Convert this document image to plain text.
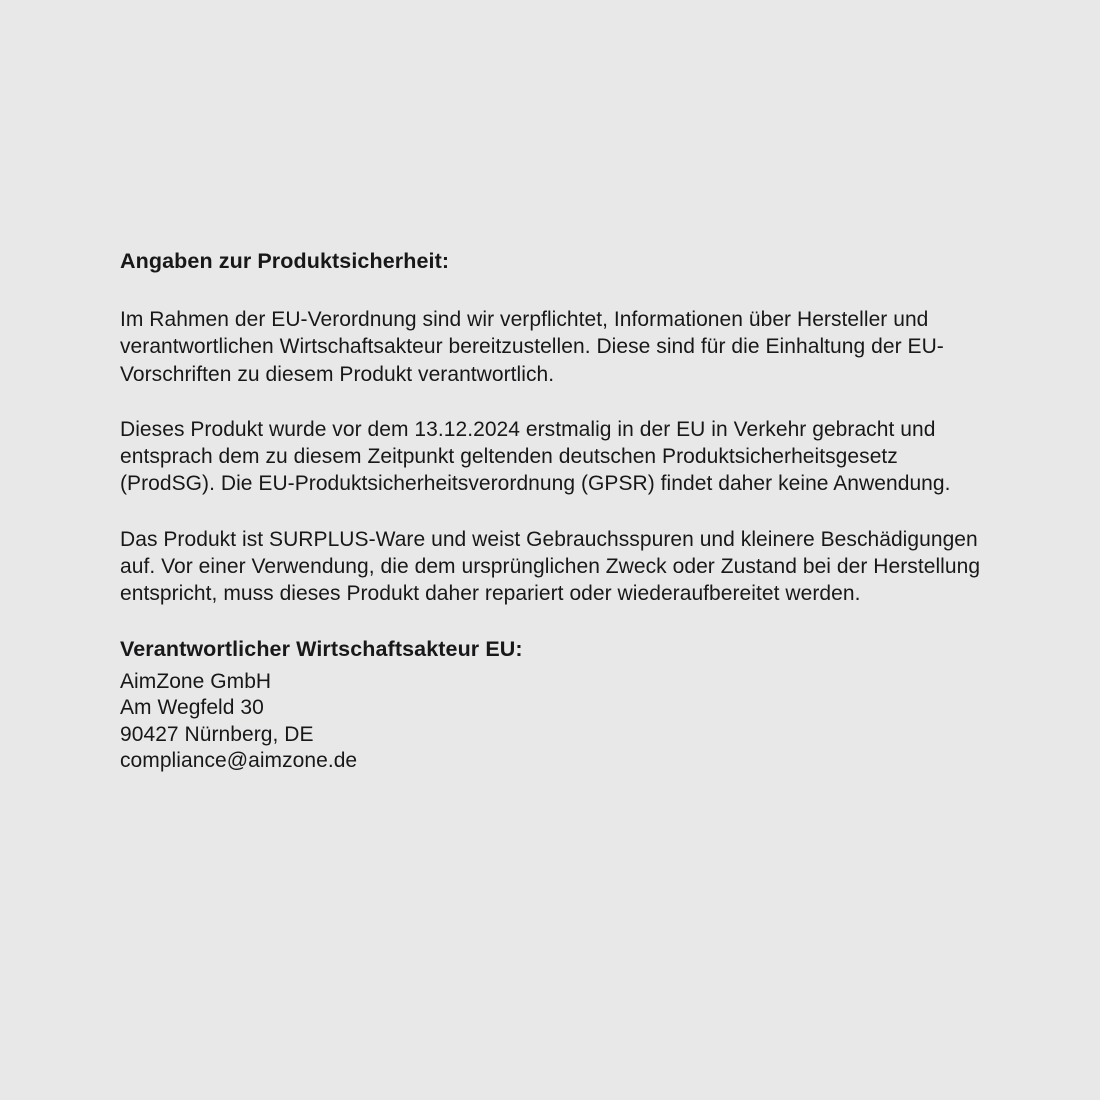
Angaben zur Produktsicherheit:

Im Rahmen der EU-Verordnung sind wir verpflichtet, Informationen über Hersteller und verantwortlichen Wirtschaftsakteur bereitzustellen. Diese sind für die Einhaltung der EU-Vorschriften zu diesem Produkt verantwortlich.

Dieses Produkt wurde vor dem 13.12.2024 erstmalig in der EU in Verkehr gebracht und entsprach dem zu diesem Zeitpunkt geltenden deutschen Produktsicherheitsgesetz (ProdSG). Die EU-Produktsicherheitsverordnung (GPSR) findet daher keine Anwendung.

Das Produkt ist SURPLUS-Ware und weist Gebrauchsspuren und kleinere Beschädigungen auf. Vor einer Verwendung, die dem ursprünglichen Zweck oder Zustand bei der Herstellung entspricht, muss dieses Produkt daher repariert oder wiederaufbereitet werden.

Verantwortlicher Wirtschaftsakteur EU:

AimZone GmbH

Am Wegfeld 30

90427 Nürnberg, DE

compliance@aimzone.de
